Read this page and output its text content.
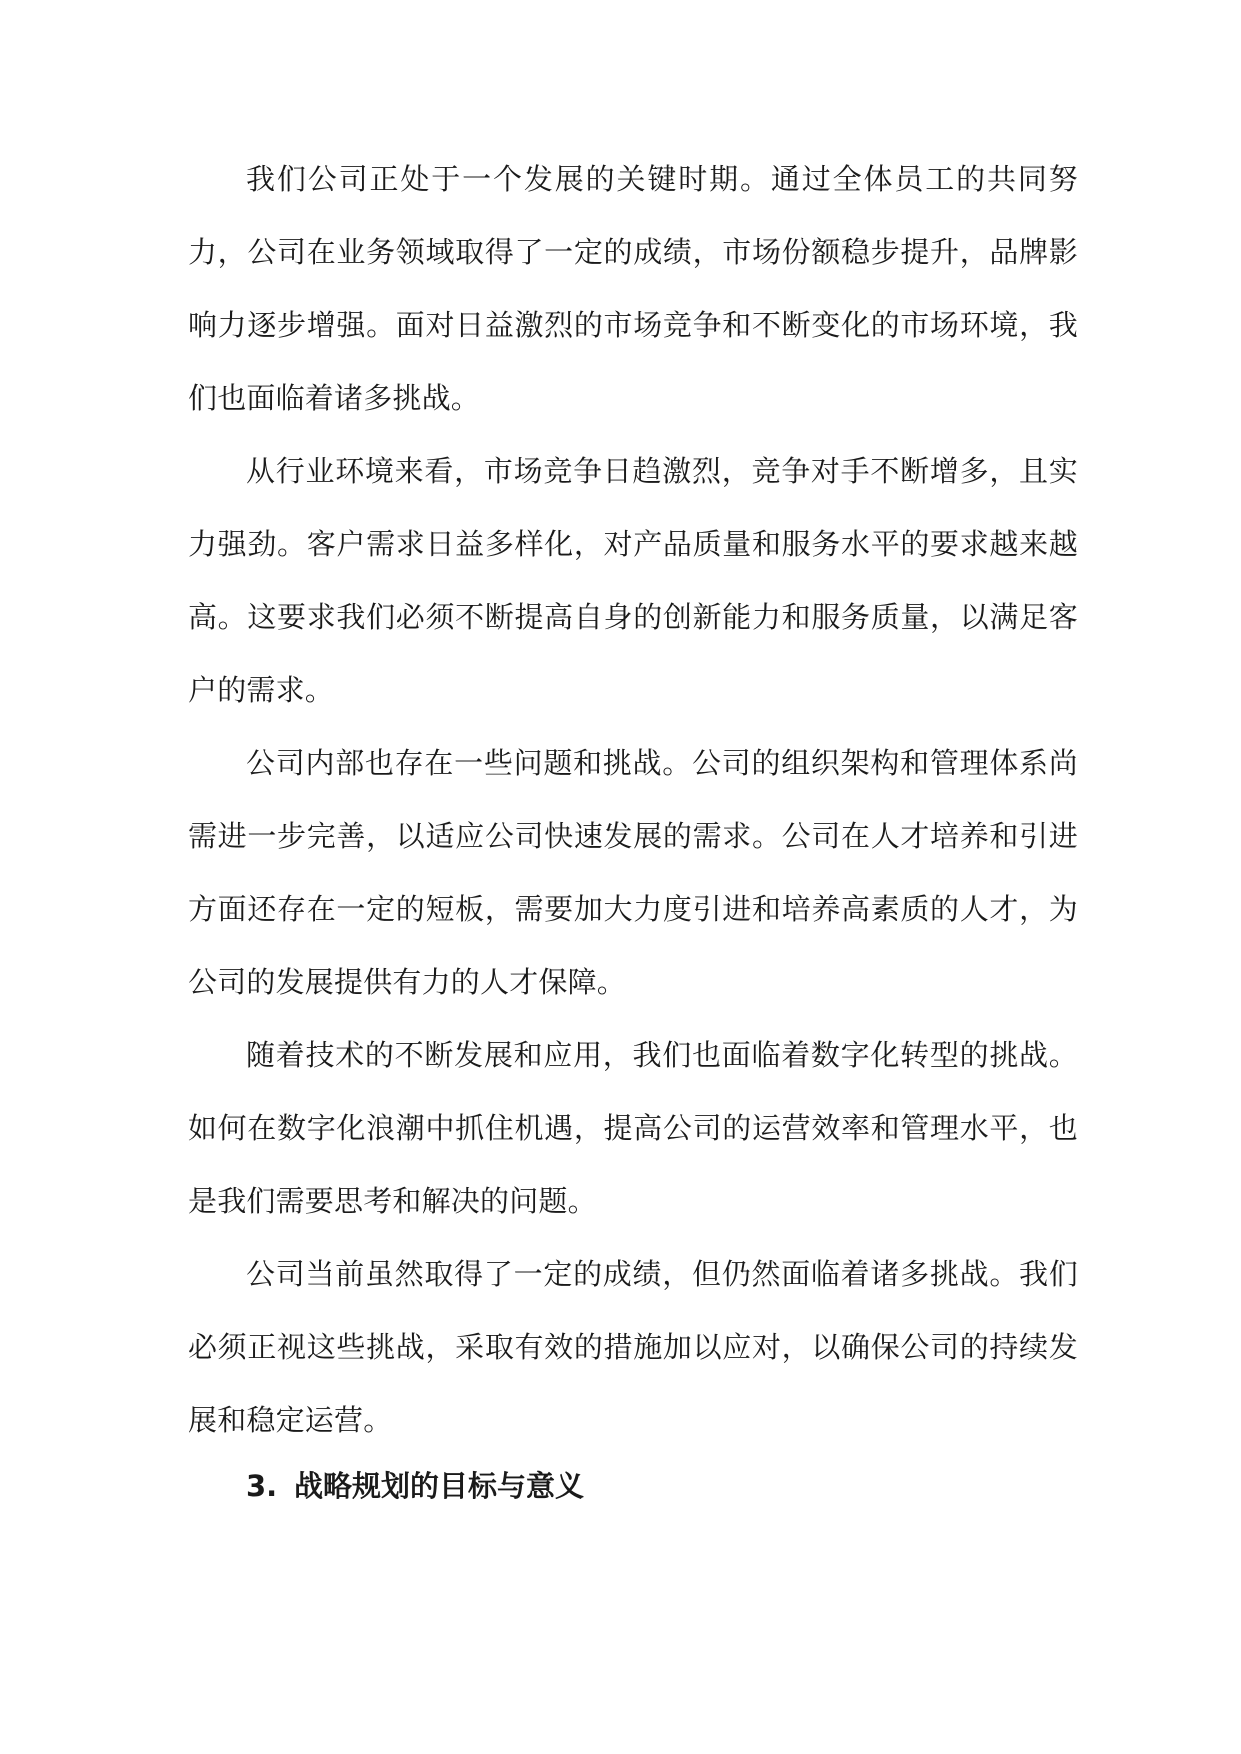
我们公司正处于一个发展的关键时期。通过全体员工的共同努力，公司在业务领域取得了一定的成绩，市场份额稳步提升，品牌影响力逐步增强。面对日益激烈的市场竞争和不断变化的市场环境，我们也面临着诸多挑战。

从行业环境来看，市场竞争日趋激烈，竞争对手不断增多，且实力强劲。客户需求日益多样化，对产品质量和服务水平的要求越来越高。这要求我们必须不断提高自身的创新能力和服务质量，以满足客户的需求。

公司内部也存在一些问题和挑战。公司的组织架构和管理体系尚需进一步完善，以适应公司快速发展的需求。公司在人才培养和引进方面还存在一定的短板，需要加大力度引进和培养高素质的人才，为公司的发展提供有力的人才保障。

随着技术的不断发展和应用，我们也面临着数字化转型的挑战。如何在数字化浪潮中抓住机遇，提高公司的运营效率和管理水平，也是我们需要思考和解决的问题。

公司当前虽然取得了一定的成绩，但仍然面临着诸多挑战。我们必须正视这些挑战，采取有效的措施加以应对，以确保公司的持续发展和稳定运营。

3. 战略规划的目标与意义
